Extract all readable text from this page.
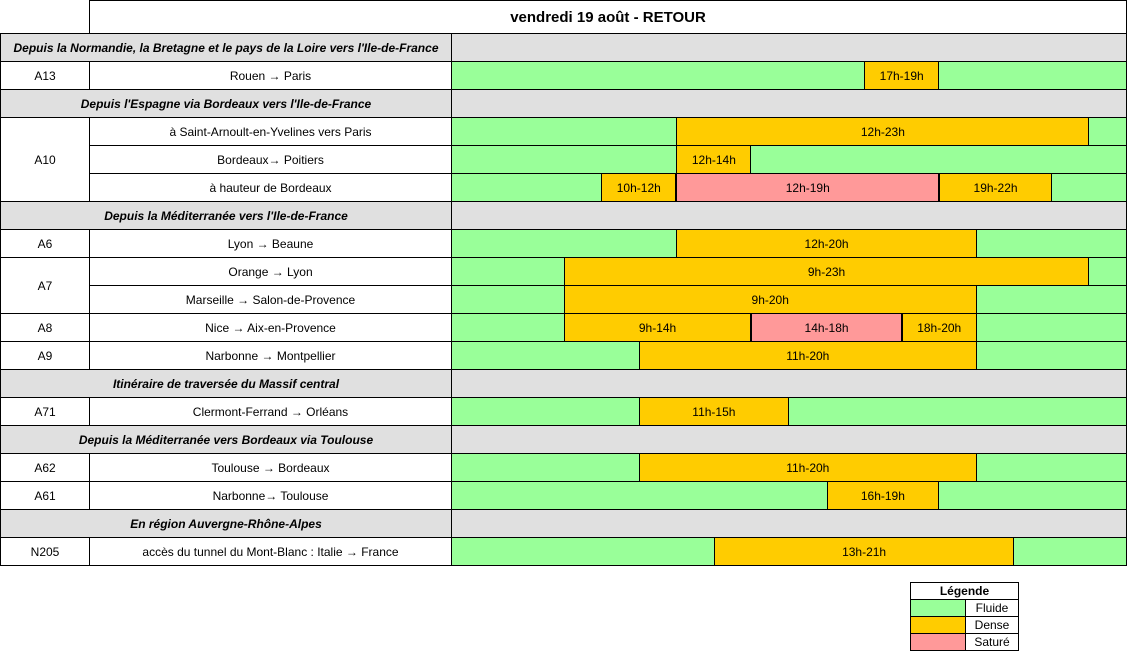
vendredi 19 août - RETOUR
Depuis la Normandie, la Bretagne et le pays de la Loire vers l'Ile-de-France
A13	Rouen → Paris	17h-19h
Depuis l'Espagne via Bordeaux vers l'Ile-de-France
A10
à Saint-Arnoult-en-Yvelines vers Paris	12h-23h
Bordeaux→ Poitiers	12h-14h
à hauteur de Bordeaux	10h-12h	12h-19h	19h-22h
Depuis la Méditerranée vers l'Ile-de-France
A6	Lyon → Beaune	12h-20h
A7
Orange → Lyon	9h-23h
Marseille → Salon-de-Provence	9h-20h
A8	Nice → Aix-en-Provence	9h-14h	14h-18h	18h-20h
A9	Narbonne → Montpellier	11h-20h
Itinéraire de traversée du Massif central
A71	Clermont-Ferrand → Orléans	11h-15h
Depuis la Méditerranée vers Bordeaux via Toulouse
A62	Toulouse → Bordeaux	11h-20h
A61	Narbonne→ Toulouse	16h-19h
En région Auvergne-Rhône-Alpes
N205	accès du tunnel du Mont-Blanc : Italie → France	13h-21h
Légende
Fluide
Dense
Saturé
